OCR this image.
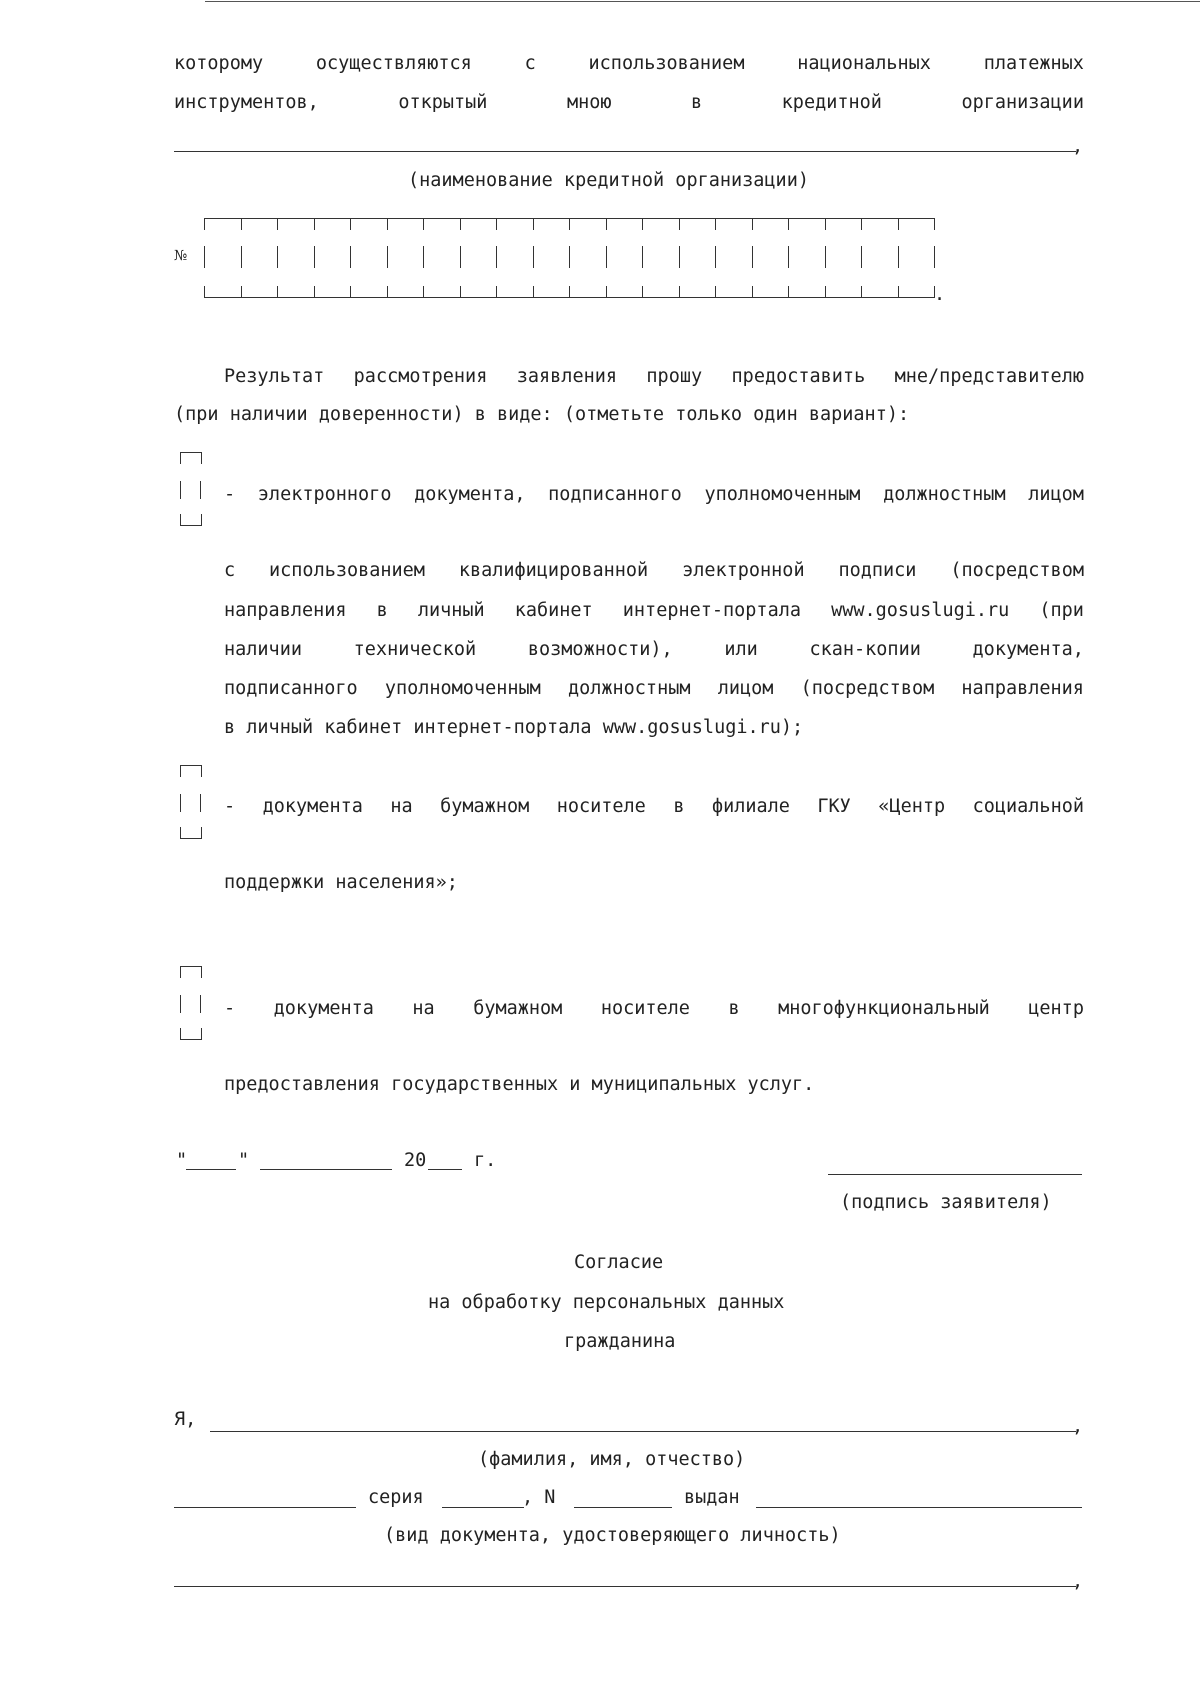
которому	осуществляются	с	использованием	национальных	платежных
инструментов,	открытый	мною	в	кредитной	организации
,
(наименование кредитной организации)
№
.
Результат рассмотрения заявления прошу предоставить мне/представителю
(при наличии доверенности) в виде: (отметьте только один вариант):
- электронного документа, подписанного уполномоченным должностным лицом
с использованием квалифицированной электронной подписи (посредством
направления в личный кабинет интернет-портала www.gosuslugi.ru (при
наличии	технической	возможности),	или	скан-копии	документа,
подписанного уполномоченным должностным лицом (посредством направления
в личный кабинет интернет-портала www.gosuslugi.ru);
- документа на бумажном носителе в филиале ГКУ «Центр социальной
поддержки населения»;
- документа на бумажном носителе в многофункциональный центр
предоставления государственных и муниципальных услуг.
"	"	20	г.
(подпись заявителя)
Согласие
на обработку персональных данных
гражданина
Я,	,
(фамилия, имя, отчество)
серия	, N	выдан
(вид документа, удостоверяющего личность)
,
